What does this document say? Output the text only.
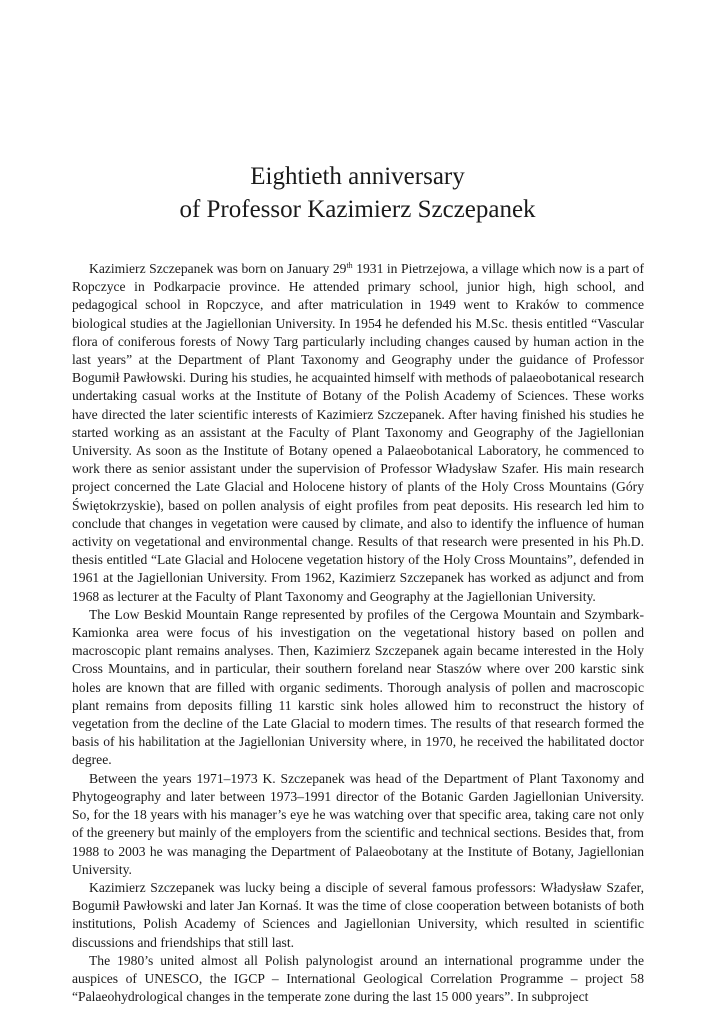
Eightieth anniversary
of Professor Kazimierz Szczepanek

Kazimierz Szczepanek was born on January 29th 1931 in Pietrzejowa, a village which now is a part of Ropczyce in Podkarpacie province. He attended primary school, junior high, high school, and pedagogical school in Ropczyce, and after matriculation in 1949 went to Kraków to commence biological studies at the Jagiellonian University. In 1954 he defended his M.Sc. thesis entitled “Vascular flora of coniferous forests of Nowy Targ particularly including changes caused by human action in the last years” at the Department of Plant Taxonomy and Geography under the guidance of Professor Bogumił Pawłowski. During his studies, he acquainted himself with methods of palaeobotanical research undertaking casual works at the Institute of Botany of the Polish Academy of Sciences. These works have directed the later scientific interests of Kazimierz Szczepanek. After having finished his studies he started working as an assistant at the Faculty of Plant Taxonomy and Geography of the Jagiellonian University. As soon as the Institute of Botany opened a Palaeobotanical Laboratory, he commenced to work there as senior assistant under the supervision of Professor Władysław Szafer. His main research project concerned the Late Glacial and Holocene history of plants of the Holy Cross Mountains (Góry Świętokrzyskie), based on pollen analysis of eight profiles from peat deposits. His research led him to conclude that changes in vegetation were caused by climate, and also to identify the influence of human activity on vegetational and environmental change. Results of that research were presented in his Ph.D. thesis entitled “Late Glacial and Holocene vegetation history of the Holy Cross Mountains”, defended in 1961 at the Jagiellonian University. From 1962, Kazimierz Szczepanek has worked as adjunct and from 1968 as lecturer at the Faculty of Plant Taxonomy and Geography at the Jagiellonian University.

The Low Beskid Mountain Range represented by profiles of the Cergowa Mountain and Szymbark-Kamionka area were focus of his investigation on the vegetational history based on pollen and macroscopic plant remains analyses. Then, Kazimierz Szczepanek again became interested in the Holy Cross Mountains, and in particular, their southern foreland near Staszów where over 200 karstic sink holes are known that are filled with organic sediments. Thorough analysis of pollen and macroscopic plant remains from deposits filling 11 karstic sink holes allowed him to reconstruct the history of vegetation from the decline of the Late Glacial to modern times. The results of that research formed the basis of his habilitation at the Jagiellonian University where, in 1970, he received the habilitated doctor degree.

Between the years 1971–1973 K. Szczepanek was head of the Department of Plant Taxonomy and Phytogeography and later between 1973–1991 director of the Botanic Garden Jagiellonian University. So, for the 18 years with his manager’s eye he was watching over that specific area, taking care not only of the greenery but mainly of the employers from the scientific and technical sections. Besides that, from 1988 to 2003 he was managing the Department of Palaeobotany at the Institute of Botany, Jagiellonian University.

Kazimierz Szczepanek was lucky being a disciple of several famous professors: Władysław Szafer, Bogumił Pawłowski and later Jan Kornaś. It was the time of close cooperation between botanists of both institutions, Polish Academy of Sciences and Jagiellonian University, which resulted in scientific discussions and friendships that still last.

The 1980’s united almost all Polish palynologist around an international programme under the auspices of UNESCO, the IGCP – International Geological Correlation Programme – project 58 “Palaeohydrological changes in the temperate zone during the last 15 000 years”. In subproject
